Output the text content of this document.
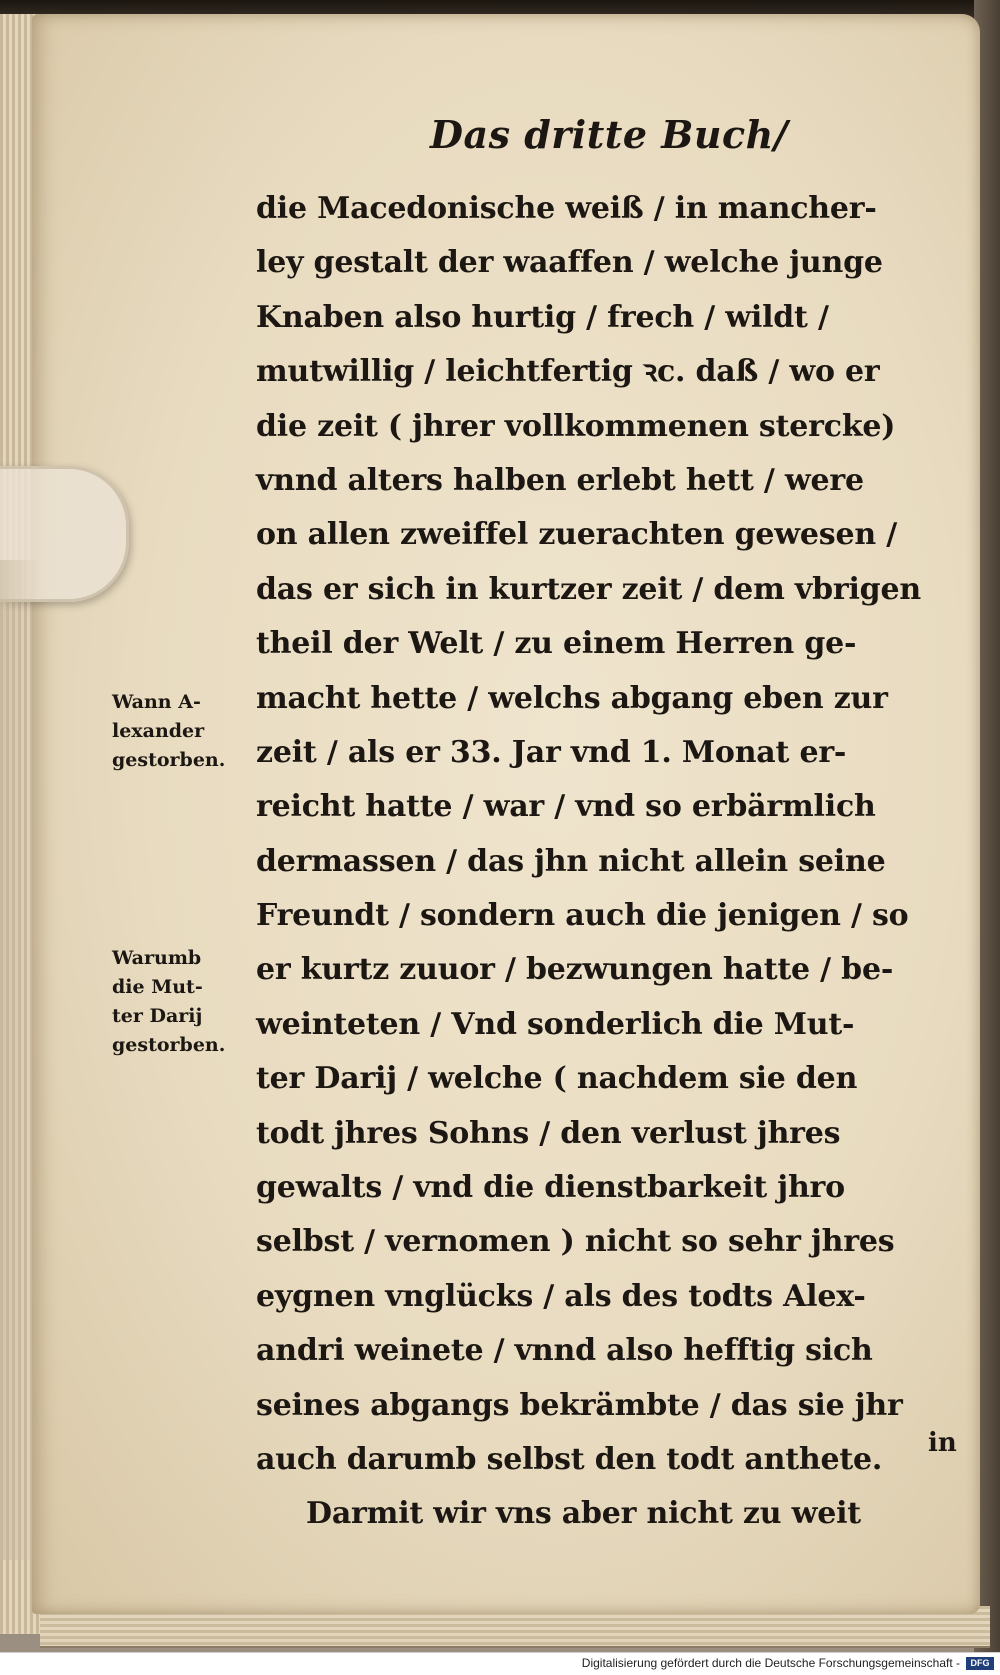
Das dritte Buch/
die Macedonische weiß / in mancher-
ley gestalt der waaffen / welche junge
Knaben also hurtig / frech / wildt /
mutwillig / leichtfertig ꝛc. daß / wo er
die zeit ( jhrer vollkommenen stercke)
vnnd alters halben erlebt hett / were
on allen zweiffel zuerachten gewesen /
das er sich in kurtzer zeit / dem vbrigen
theil der Welt / zu einem Herren ge-
macht hette / welchs abgang eben zur
zeit / als er 33. Jar vnd 1. Monat er-
reicht hatte / war / vnd so erbärmlich
dermassen / das jhn nicht allein seine
Freundt / sondern auch die jenigen / so
er kurtz zuuor / bezwungen hatte / be-
weinteten / Vnd sonderlich die Mut-
ter Darij / welche ( nachdem sie den
todt jhres Sohns / den verlust jhres
gewalts / vnd die dienstbarkeit jhro
selbst / vernomen ) nicht so sehr jhres
eygnen vnglücks / als des todts Alex-
andri weinete / vnnd also hefftig sich
seines abgangs bekrämbte / das sie jhr
auch darumb selbst den todt anthete.
Darmit wir vns aber nicht zu weit
Wann A-
lexander
gestorben.
Warumb
die Mut-
ter Darij
gestorben.
in
Digitalisierung gefördert durch die Deutsche Forschungsgemeinschaft -	DFG
